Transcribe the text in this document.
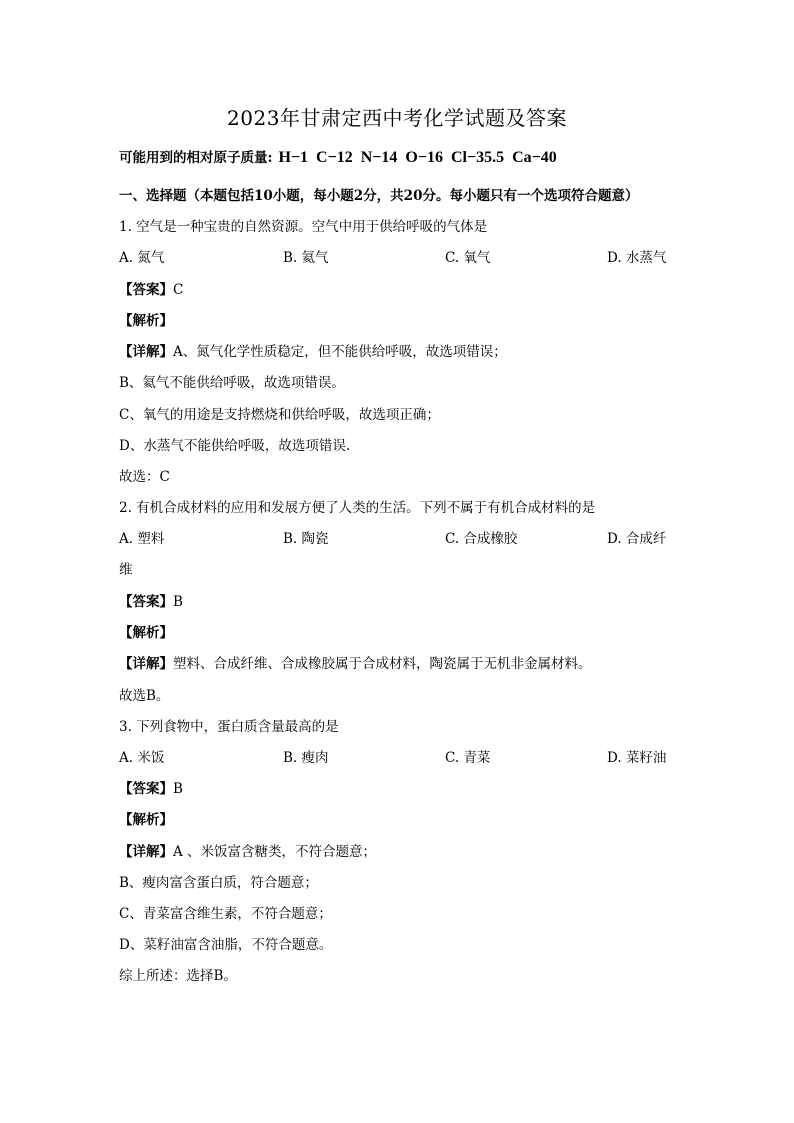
2023年甘肃定西中考化学试题及答案
可能用到的相对原子质量: H−1 C−12 N−14 O−16 Cl−35.5 Ca−40
一、选择题（本题包括10小题，每小题2分，共20分。每小题只有一个选项符合题意）
1. 空气是一种宝贵的自然资源。空气中用于供给呼吸的气体是
A. 氮气	B. 氦气	C. 氧气	D. 水蒸气
【答案】C
【解析】
【详解】A、氮气化学性质稳定，但不能供给呼吸，故选项错误；
B、氦气不能供给呼吸，故选项错误。
C、氧气的用途是支持燃烧和供给呼吸，故选项正确；
D、水蒸气不能供给呼吸，故选项错误.
故选：C
2. 有机合成材料的应用和发展方便了人类的生活。下列不属于有机合成材料的是
A. 塑料	B. 陶瓷	C. 合成橡胶	D. 合成纤
维
【答案】B
【解析】
【详解】塑料、合成纤维、合成橡胶属于合成材料，陶瓷属于无机非金属材料。
故选B。
3. 下列食物中，蛋白质含量最高的是
A. 米饭	B. 瘦肉	C. 青菜	D. 菜籽油
【答案】B
【解析】
【详解】A 、米饭富含糖类，不符合题意；
B、瘦肉富含蛋白质，符合题意；
C、青菜富含维生素，不符合题意；
D、菜籽油富含油脂，不符合题意。
综上所述：选择B。
